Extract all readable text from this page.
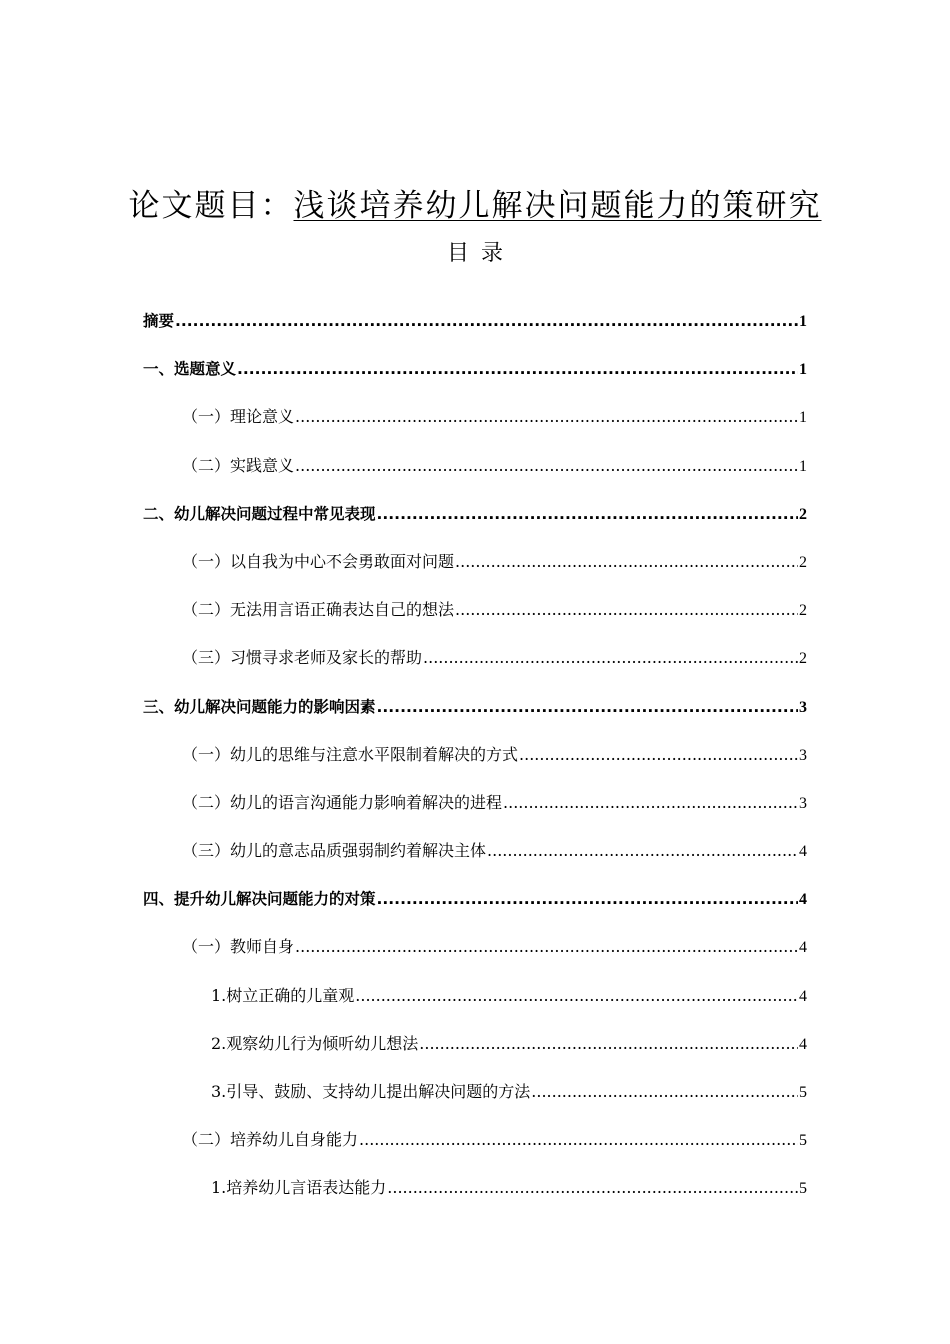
论文题目：浅谈培养幼儿解决问题能力的策研究
目录
摘要 .....	1
一、选题意义 .....	1
（一）理论意义 .....	1
（二）实践意义 .....	1
二、幼儿解决问题过程中常见表现 .....	2
（一）以自我为中心不会勇敢面对问题 .....	2
（二）无法用言语正确表达自己的想法 .....	2
（三）习惯寻求老师及家长的帮助 .....	2
三、幼儿解决问题能力的影响因素 .....	3
（一）幼儿的思维与注意水平限制着解决的方式 .....	3
（二）幼儿的语言沟通能力影响着解决的进程 .....	3
（三）幼儿的意志品质强弱制约着解决主体 .....	4
四、提升幼儿解决问题能力的对策 .....	4
（一）教师自身 .....	4
1.树立正确的儿童观 .....	4
2.观察幼儿行为倾听幼儿想法 .....	4
3.引导、鼓励、支持幼儿提出解决问题的方法 .....	5
（二）培养幼儿自身能力 .....	5
1.培养幼儿言语表达能力 .....	5
